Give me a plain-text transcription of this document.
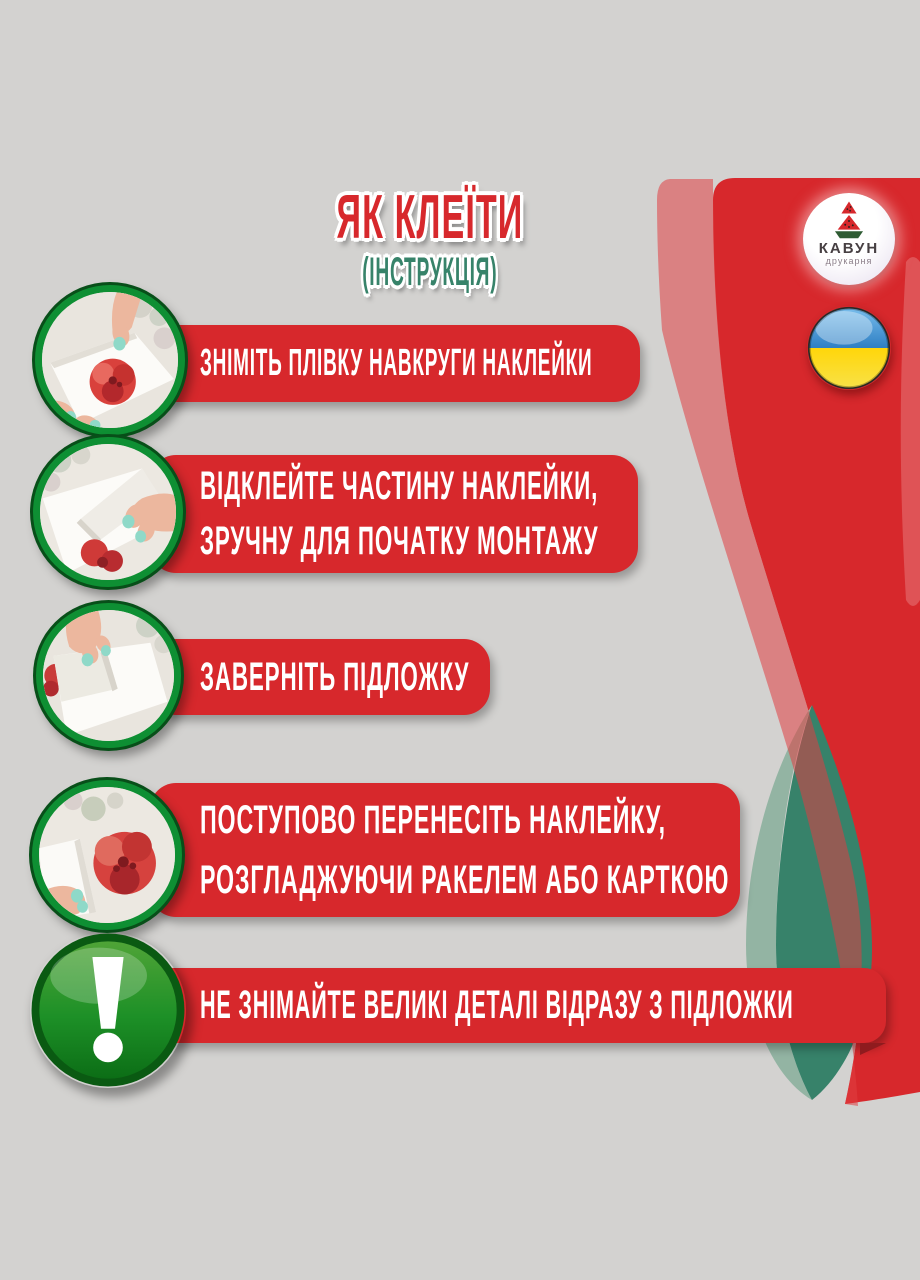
ЯК КЛЕЇТИ
(ІНСТРУКЦІЯ)
КАВУН
друкарня
ЗНІМІТЬ ПЛІВКУ НАВКРУГИ НАКЛЕЙКИ
ВІДКЛЕЙТЕ ЧАСТИНУ НАКЛЕЙКИ,
ЗРУЧНУ ДЛЯ ПОЧАТКУ МОНТАЖУ
ЗАВЕРНІТЬ ПІДЛОЖКУ
ПОСТУПОВО ПЕРЕНЕСІТЬ НАКЛЕЙКУ,
РОЗГЛАДЖУЮЧИ РАКЕЛЕМ АБО КАРТКОЮ
НЕ ЗНІМАЙТЕ ВЕЛИКІ ДЕТАЛІ ВІДРАЗУ З ПІДЛОЖКИ
